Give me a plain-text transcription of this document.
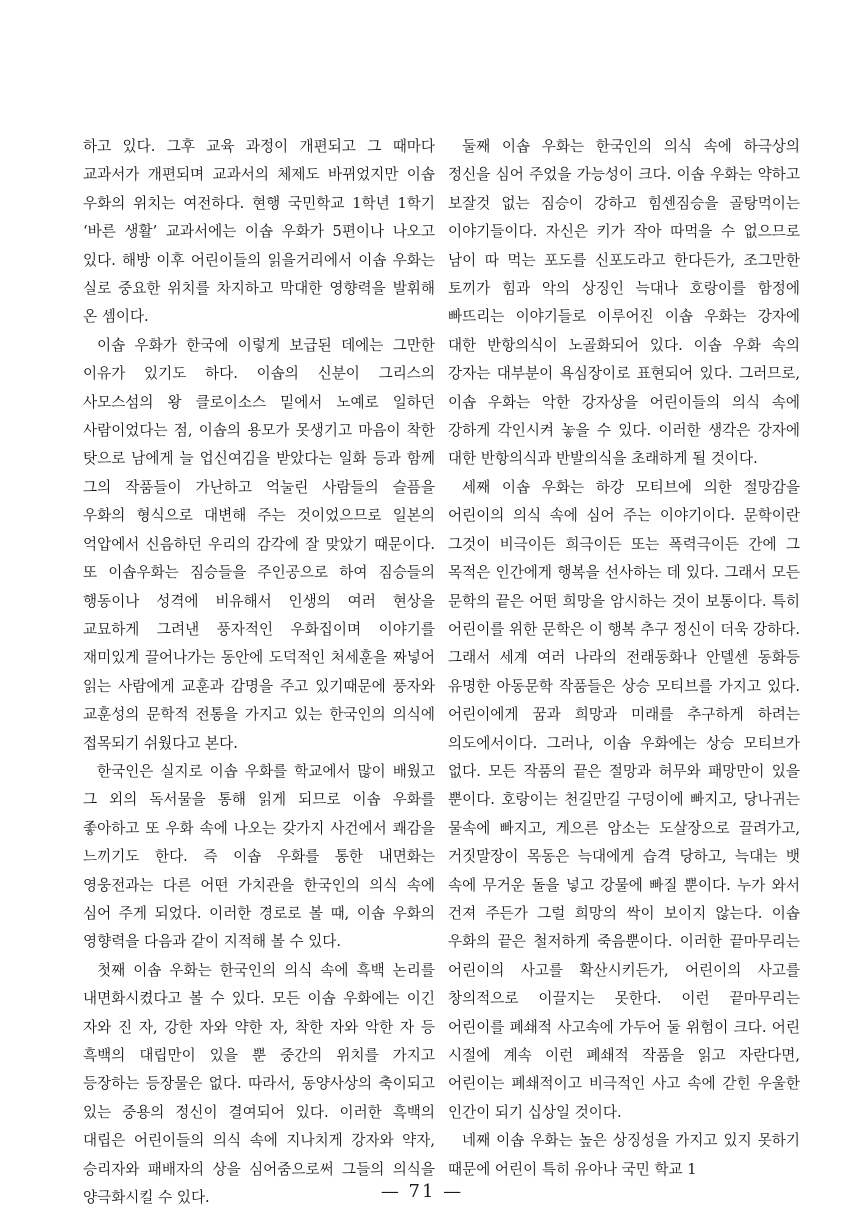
하고 있다. 그후 교육 과정이 개편되고 그 때마다 교과서가 개편되며 교과서의 체제도 바뀌었지만 이솝 우화의 위치는 여전하다. 현행 국민학교 1학년 1학기 ‘바른 생활’ 교과서에는 이솝 우화가 5편이나 나오고 있다. 해방 이후 어린이들의 읽을거리에서 이솝 우화는 실로 중요한 위치를 차지하고 막대한 영향력을 발휘해 온 셈이다.

이솝 우화가 한국에 이렇게 보급된 데에는 그만한 이유가 있기도 하다. 이솝의 신분이 그리스의 사모스섬의 왕 클로이소스 밑에서 노예로 일하던 사람이었다는 점, 이솝의 용모가 못생기고 마음이 착한 탓으로 남에게 늘 업신여김을 받았다는 일화 등과 함께 그의 작품들이 가난하고 억눌린 사람들의 슬픔을 우화의 형식으로 대변해 주는 것이었으므로 일본의 억압에서 신음하던 우리의 감각에 잘 맞았기 때문이다. 또 이솝우화는 짐승들을 주인공으로 하여 짐승들의 행동이나 성격에 비유해서 인생의 여러 현상을 교묘하게 그려낸 풍자적인 우화집이며 이야기를 재미있게 끌어나가는 동안에 도덕적인 처세훈을 짜넣어 읽는 사람에게 교훈과 감명을 주고 있기때문에 풍자와 교훈성의 문학적 전통을 가지고 있는 한국인의 의식에 접목되기 쉬웠다고 본다.

한국인은 실지로 이솝 우화를 학교에서 많이 배웠고 그 외의 독서물을 통해 읽게 되므로 이솝 우화를 좋아하고 또 우화 속에 나오는 갖가지 사건에서 쾌감을 느끼기도 한다. 즉 이솝 우화를 통한 내면화는 영웅전과는 다른 어떤 가치관을 한국인의 의식 속에 심어 주게 되었다. 이러한 경로로 볼 때, 이솝 우화의 영향력을 다음과 같이 지적해 볼 수 있다.

첫째 이솝 우화는 한국인의 의식 속에 흑백 논리를 내면화시켰다고 볼 수 있다. 모든 이솝 우화에는 이긴 자와 진 자, 강한 자와 약한 자, 착한 자와 악한 자 등 흑백의 대립만이 있을 뿐 중간의 위치를 가지고 등장하는 등장물은 없다. 따라서, 동양사상의 축이되고 있는 중용의 정신이 결여되어 있다. 이러한 흑백의 대립은 어린이들의 의식 속에 지나치게 강자와 약자, 승리자와 패배자의 상을 심어줌으로써 그들의 의식을 양극화시킬 수 있다.

둘째 이솝 우화는 한국인의 의식 속에 하극상의 정신을 심어 주었을 가능성이 크다. 이솝 우화는 약하고 보잘것 없는 짐승이 강하고 힘센짐승을 골탕먹이는 이야기들이다. 자신은 키가 작아 따먹을 수 없으므로 남이 따 먹는 포도를 신포도라고 한다든가, 조그만한 토끼가 힘과 악의 상징인 늑대나 호랑이를 함정에 빠뜨리는 이야기들로 이루어진 이솝 우화는 강자에 대한 반항의식이 노골화되어 있다. 이솝 우화 속의 강자는 대부분이 욕심장이로 표현되어 있다. 그러므로, 이솝 우화는 악한 강자상을 어린이들의 의식 속에 강하게 각인시켜 놓을 수 있다. 이러한 생각은 강자에 대한 반항의식과 반발의식을 초래하게 될 것이다.

세째 이솝 우화는 하강 모티브에 의한 절망감을 어린이의 의식 속에 심어 주는 이야기이다. 문학이란 그것이 비극이든 희극이든 또는 폭력극이든 간에 그 목적은 인간에게 행복을 선사하는 데 있다. 그래서 모든 문학의 끝은 어떤 희망을 암시하는 것이 보통이다. 특히 어린이를 위한 문학은 이 행복 추구 정신이 더욱 강하다. 그래서 세계 여러 나라의 전래동화나 안델센 동화등 유명한 아동문학 작품들은 상승 모티브를 가지고 있다. 어린이에게 꿈과 희망과 미래를 추구하게 하려는 의도에서이다. 그러나, 이솝 우화에는 상승 모티브가 없다. 모든 작품의 끝은 절망과 허무와 패망만이 있을 뿐이다. 호랑이는 천길만길 구덩이에 빠지고, 당나귀는 물속에 빠지고, 게으른 암소는 도살장으로 끌려가고, 거짓말장이 목동은 늑대에게 습격 당하고, 늑대는 뱃 속에 무거운 돌을 넣고 강물에 빠질 뿐이다. 누가 와서 건져 주든가 그럴 희망의 싹이 보이지 않는다. 이솝 우화의 끝은 철저하게 죽음뿐이다. 이러한 끝마무리는 어린이의 사고를 확산시키든가, 어린이의 사고를 창의적으로 이끌지는 못한다. 이런 끝마무리는 어린이를 폐쇄적 사고속에 가두어 둘 위험이 크다. 어린 시절에 계속 이런 폐쇄적 작품을 읽고 자란다면, 어린이는 폐쇄적이고 비극적인 사고 속에 갇힌 우울한 인간이 되기 십상일 것이다.

네째 이솝 우화는 높은 상징성을 가지고 있지 못하기 때문에 어린이 특히 유아나 국민 학교 1

— 71 —
